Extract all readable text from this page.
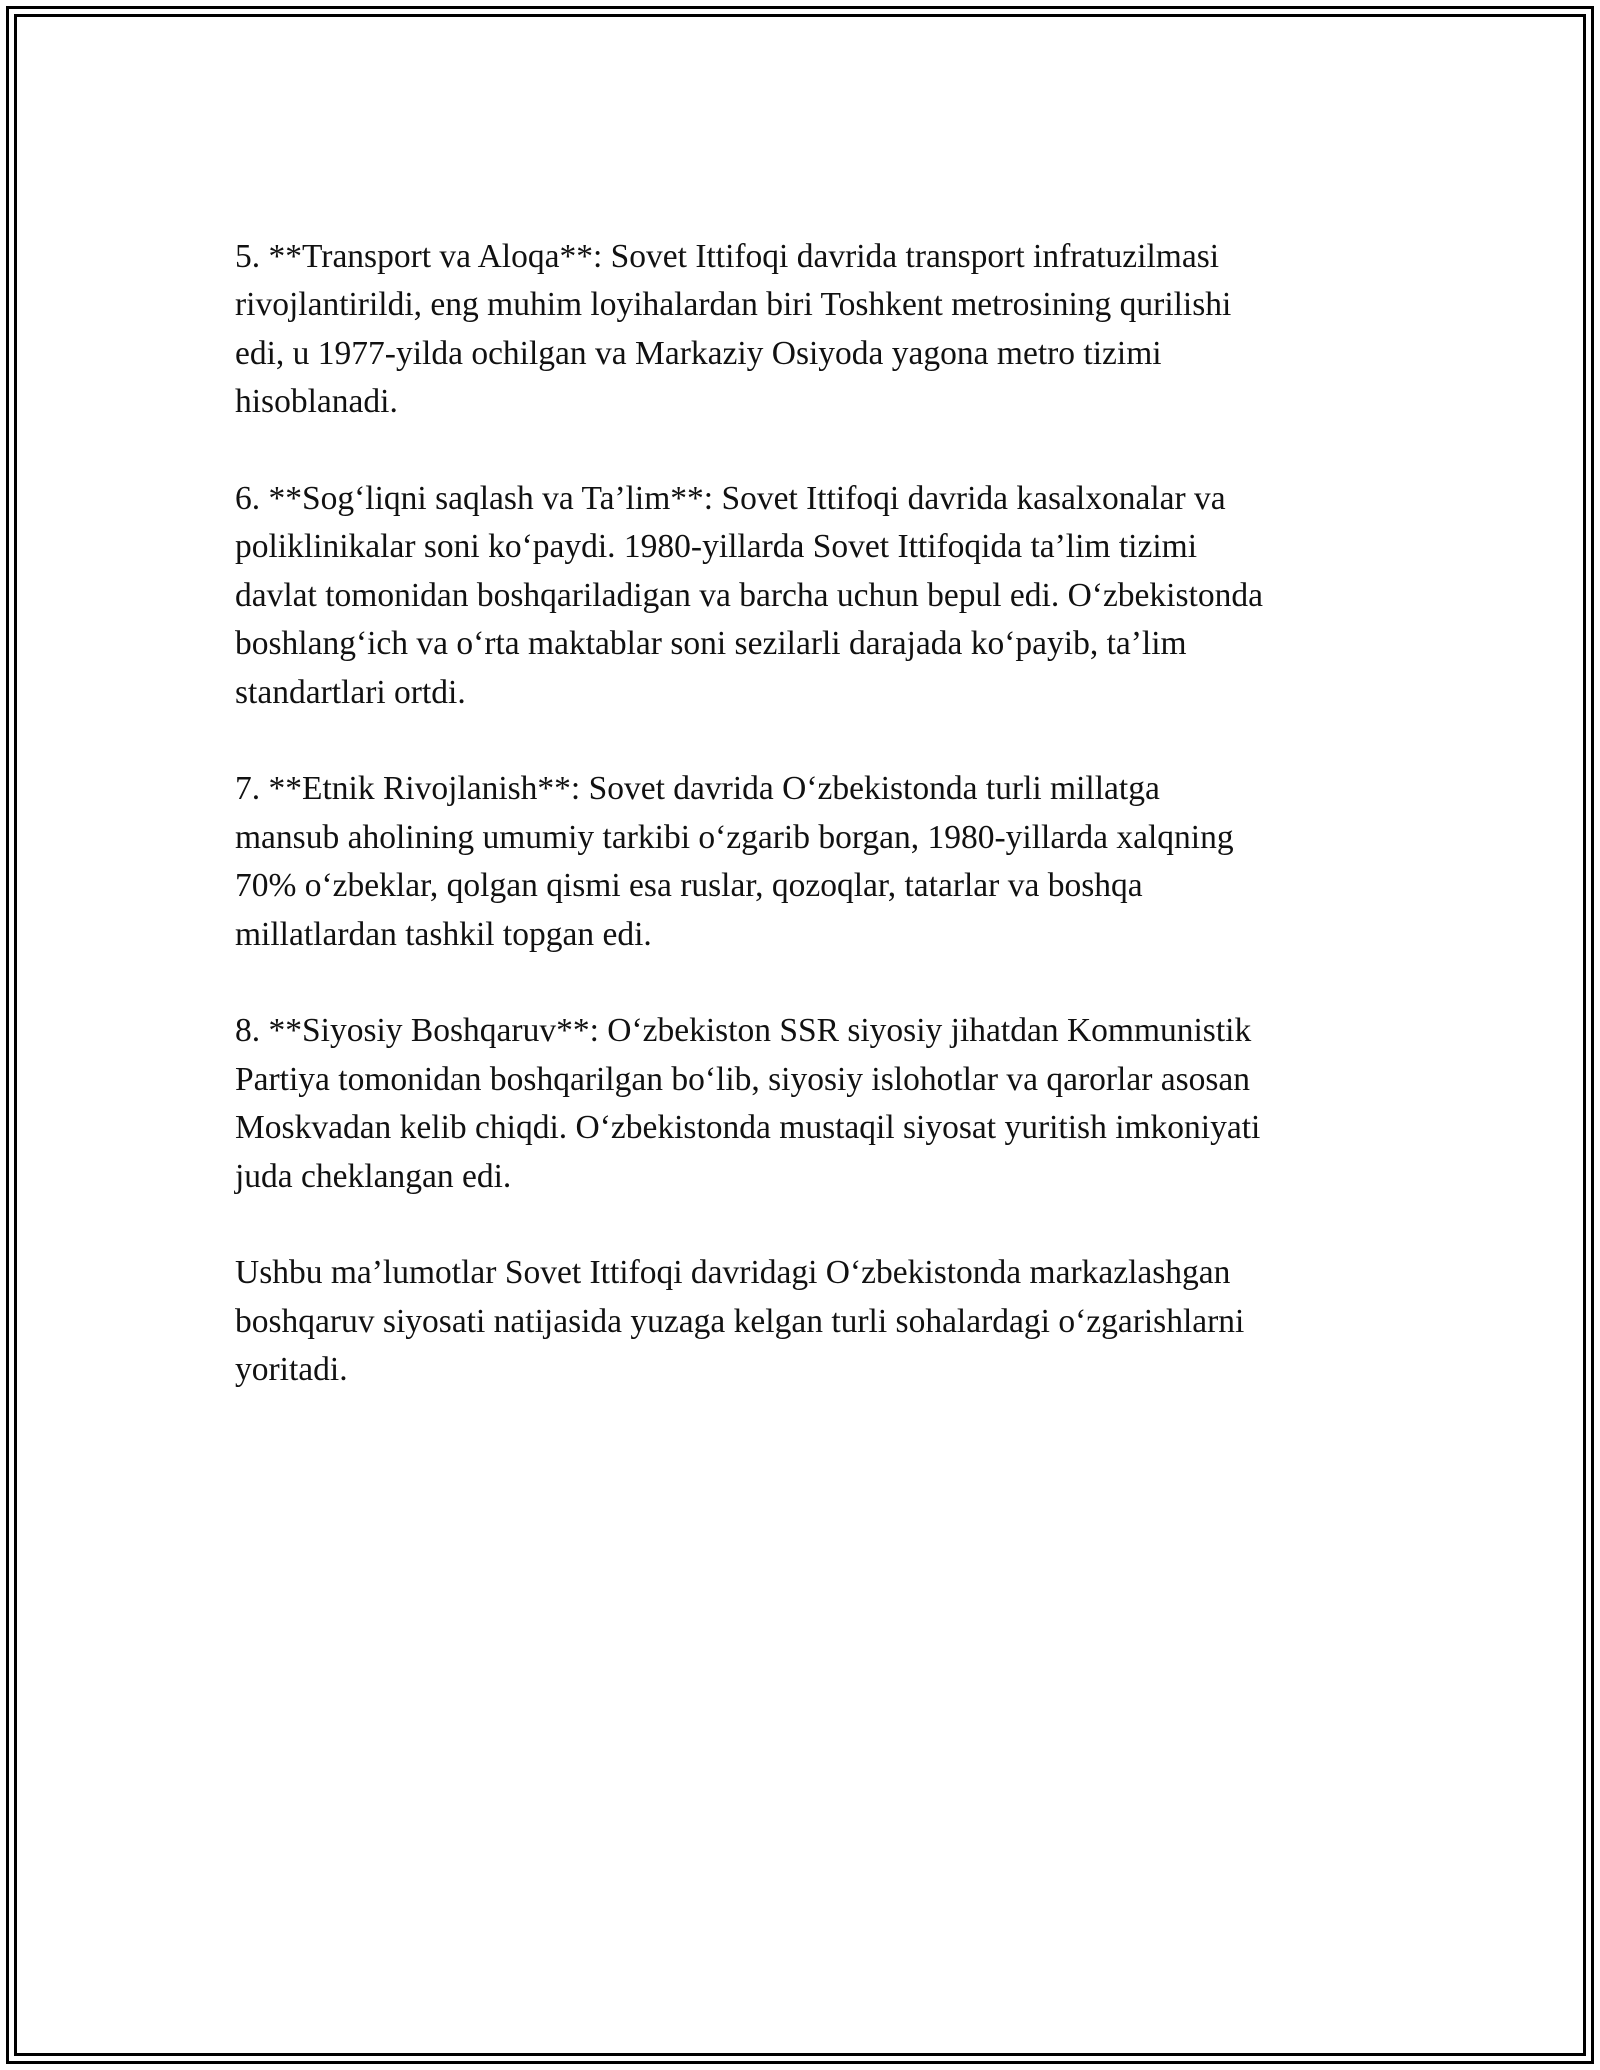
5. **Transport va Aloqa**: Sovet Ittifoqi davrida transport infratuzilmasi
rivojlantirildi, eng muhim loyihalardan biri Toshkent metrosining qurilishi
edi, u 1977-yilda ochilgan va Markaziy Osiyoda yagona metro tizimi
hisoblanadi.

6. **Sog‘liqni saqlash va Ta’lim**: Sovet Ittifoqi davrida kasalxonalar va
poliklinikalar soni ko‘paydi. 1980-yillarda Sovet Ittifoqida ta’lim tizimi
davlat tomonidan boshqariladigan va barcha uchun bepul edi. O‘zbekistonda
boshlang‘ich va o‘rta maktablar soni sezilarli darajada ko‘payib, ta’lim
standartlari ortdi.

7. **Etnik Rivojlanish**: Sovet davrida O‘zbekistonda turli millatga
mansub aholining umumiy tarkibi o‘zgarib borgan, 1980-yillarda xalqning
70% o‘zbeklar, qolgan qismi esa ruslar, qozoqlar, tatarlar va boshqa
millatlardan tashkil topgan edi.

8. **Siyosiy Boshqaruv**: O‘zbekiston SSR siyosiy jihatdan Kommunistik
Partiya tomonidan boshqarilgan bo‘lib, siyosiy islohotlar va qarorlar asosan
Moskvadan kelib chiqdi. O‘zbekistonda mustaqil siyosat yuritish imkoniyati
juda cheklangan edi.

Ushbu ma’lumotlar Sovet Ittifoqi davridagi O‘zbekistonda markazlashgan
boshqaruv siyosati natijasida yuzaga kelgan turli sohalardagi o‘zgarishlarni
yoritadi.
